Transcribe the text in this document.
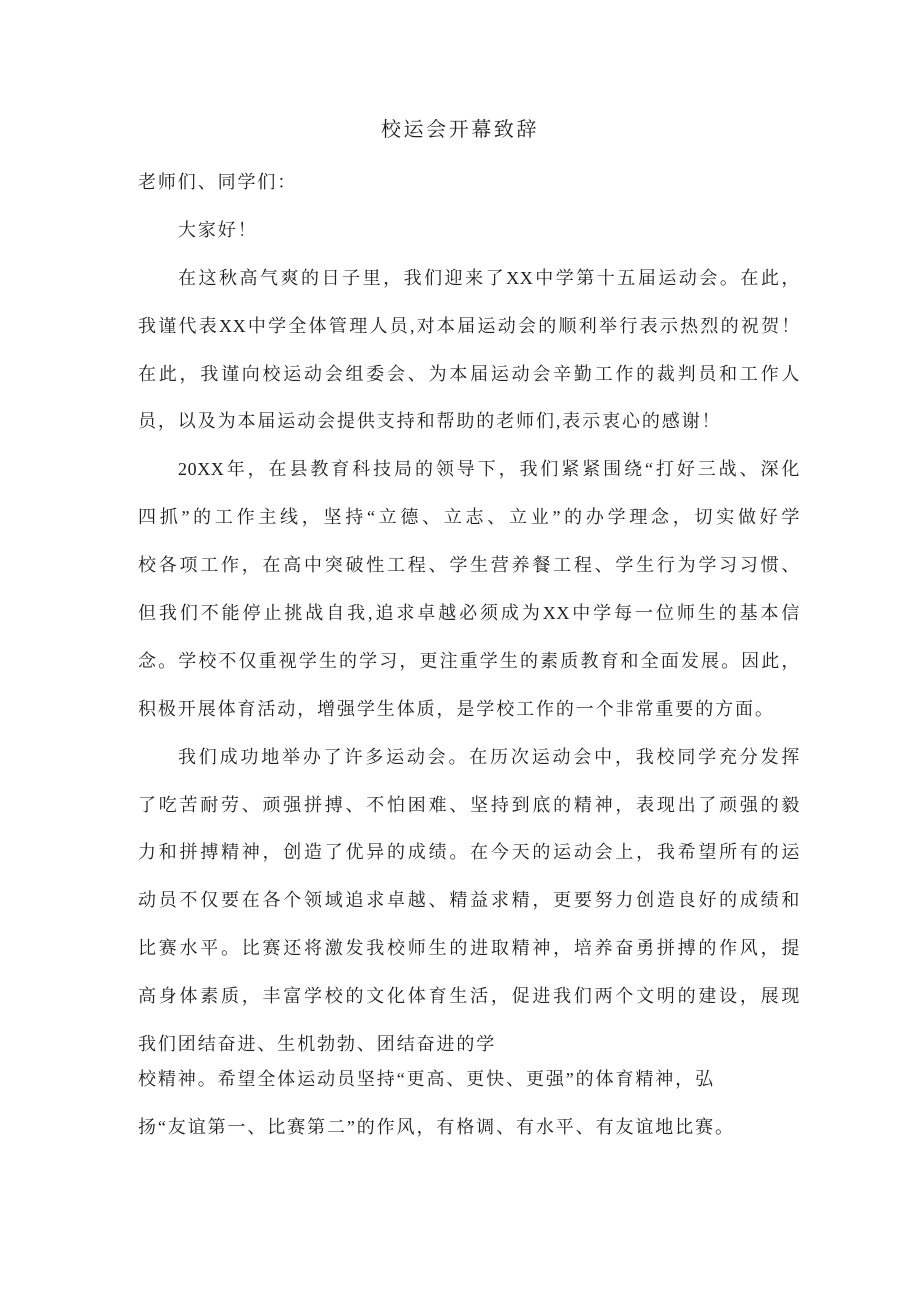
校运会开幕致辞
老师们、同学们：
大家好！
在这秋高气爽的日子里，我们迎来了XX中学第十五届运动会。在此，
我谨代表XX中学全体管理人员,对本届运动会的顺利举行表示热烈的祝贺！
在此，我谨向校运动会组委会、为本届运动会辛勤工作的裁判员和工作人
员，以及为本届运动会提供支持和帮助的老师们,表示衷心的感谢！
20XX年，在县教育科技局的领导下，我们紧紧围绕“打好三战、深化
四抓”的工作主线，坚持“立德、立志、立业”的办学理念，切实做好学
校各项工作，在高中突破性工程、学生营养餐工程、学生行为学习习惯、
但我们不能停止挑战自我,追求卓越必须成为XX中学每一位师生的基本信
念。学校不仅重视学生的学习，更注重学生的素质教育和全面发展。因此，
积极开展体育活动，增强学生体质，是学校工作的一个非常重要的方面。
我们成功地举办了许多运动会。在历次运动会中，我校同学充分发挥
了吃苦耐劳、顽强拼搏、不怕困难、坚持到底的精神，表现出了顽强的毅
力和拼搏精神，创造了优异的成绩。在今天的运动会上，我希望所有的运
动员不仅要在各个领域追求卓越、精益求精，更要努力创造良好的成绩和
比赛水平。比赛还将激发我校师生的进取精神，培养奋勇拼搏的作风，提
高身体素质，丰富学校的文化体育生活，促进我们两个文明的建设，展现
我们团结奋进、生机勃勃、团结奋进的学
校精神。希望全体运动员坚持“更高、更快、更强”的体育精神，弘
扬“友谊第一、比赛第二”的作风，有格调、有水平、有友谊地比赛。
